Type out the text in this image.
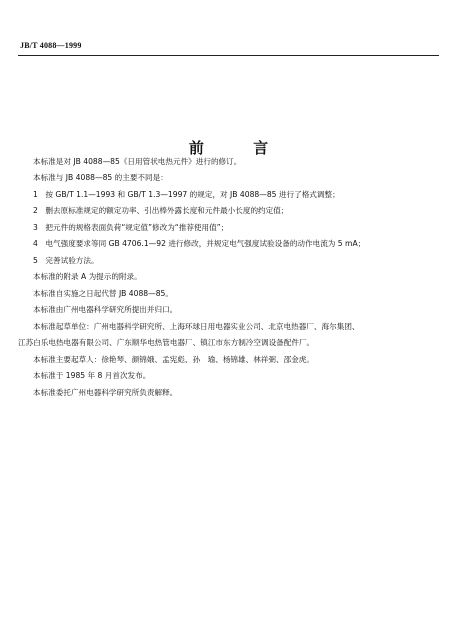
JB/T 4088—1999
前 言
本标准是对 JB 4088—85《日用管状电热元件》进行的修订。
本标准与 JB 4088—85 的主要不同是：
1　按 GB/T 1.1—1993 和 GB/T 1.3—1997 的规定，对 JB 4088—85 进行了格式调整；
2　删去原标准规定的额定功率、引出棒外露长度和元件最小长度的约定值；
3　把元件的规格表面负荷“规定值”修改为“推荐使用值”；
4　电气强度要求等同 GB 4706.1—92 进行修改，并规定电气强度试验设备的动作电流为 5 mA；
5　完善试验方法。
本标准的附录 A 为提示的附录。
本标准自实施之日起代替 JB 4088—85。
本标准由广州电器科学研究所提出并归口。
本标准起草单位：广州电器科学研究所、上海环球日用电器实业公司、北京电热器厂、海尔集团、
江苏白乐电热电器有限公司、广东顺华电热管电器厂、镇江市东方制冷空调设备配件厂。
本标准主要起草人：徐艳琴、颜锦娥、孟宪彪、孙　瑜、杨锦雄、林祥弼、邵金虎。
本标准于 1985 年 8 月首次发布。
本标准委托广州电器科学研究所负责解释。
